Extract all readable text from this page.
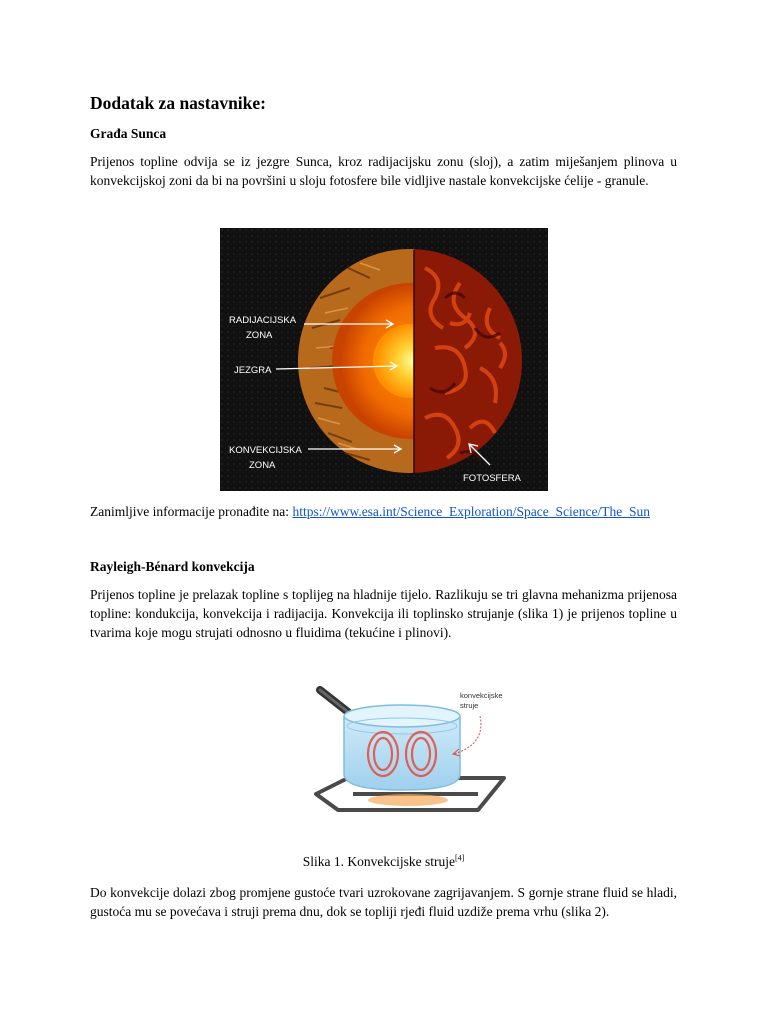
Dodatak za nastavnike:
Građa Sunca

Prijenos topline odvija se iz jezgre Sunca, kroz radijacijsku zonu (sloj), a zatim miješanjem plinova u konvekcijskoj zoni da bi na površini u sloju fotosfere bile vidljive nastale konvekcijske ćelije - granule.

RADIJACIJSKA
ZONA
JEZGRA
KONVEKCIJSKA
ZONA
FOTOSFERA

Zanimljive informacije pronađite na: https://www.esa.int/Science_Exploration/Space_Science/The_Sun

Rayleigh-Bénard konvekcija

Prijenos topline je prelazak topline s toplijeg na hladnije tijelo. Razlikuju se tri glavna mehanizma prijenosa topline: kondukcija, konvekcija i radijacija. Konvekcija ili toplinsko strujanje (slika 1) je prijenos topline u tvarima koje mogu strujati odnosno u fluidima (tekućine i plinovi).

konvekcijske
struje
Slika 1. Konvekcijske struje[4]

Do konvekcije dolazi zbog promjene gustoće tvari uzrokovane zagrijavanjem. S gornje strane fluid se hladi, gustoća mu se povećava i struji prema dnu, dok se topliji rjeđi fluid uzdiže prema vrhu (slika 2).
